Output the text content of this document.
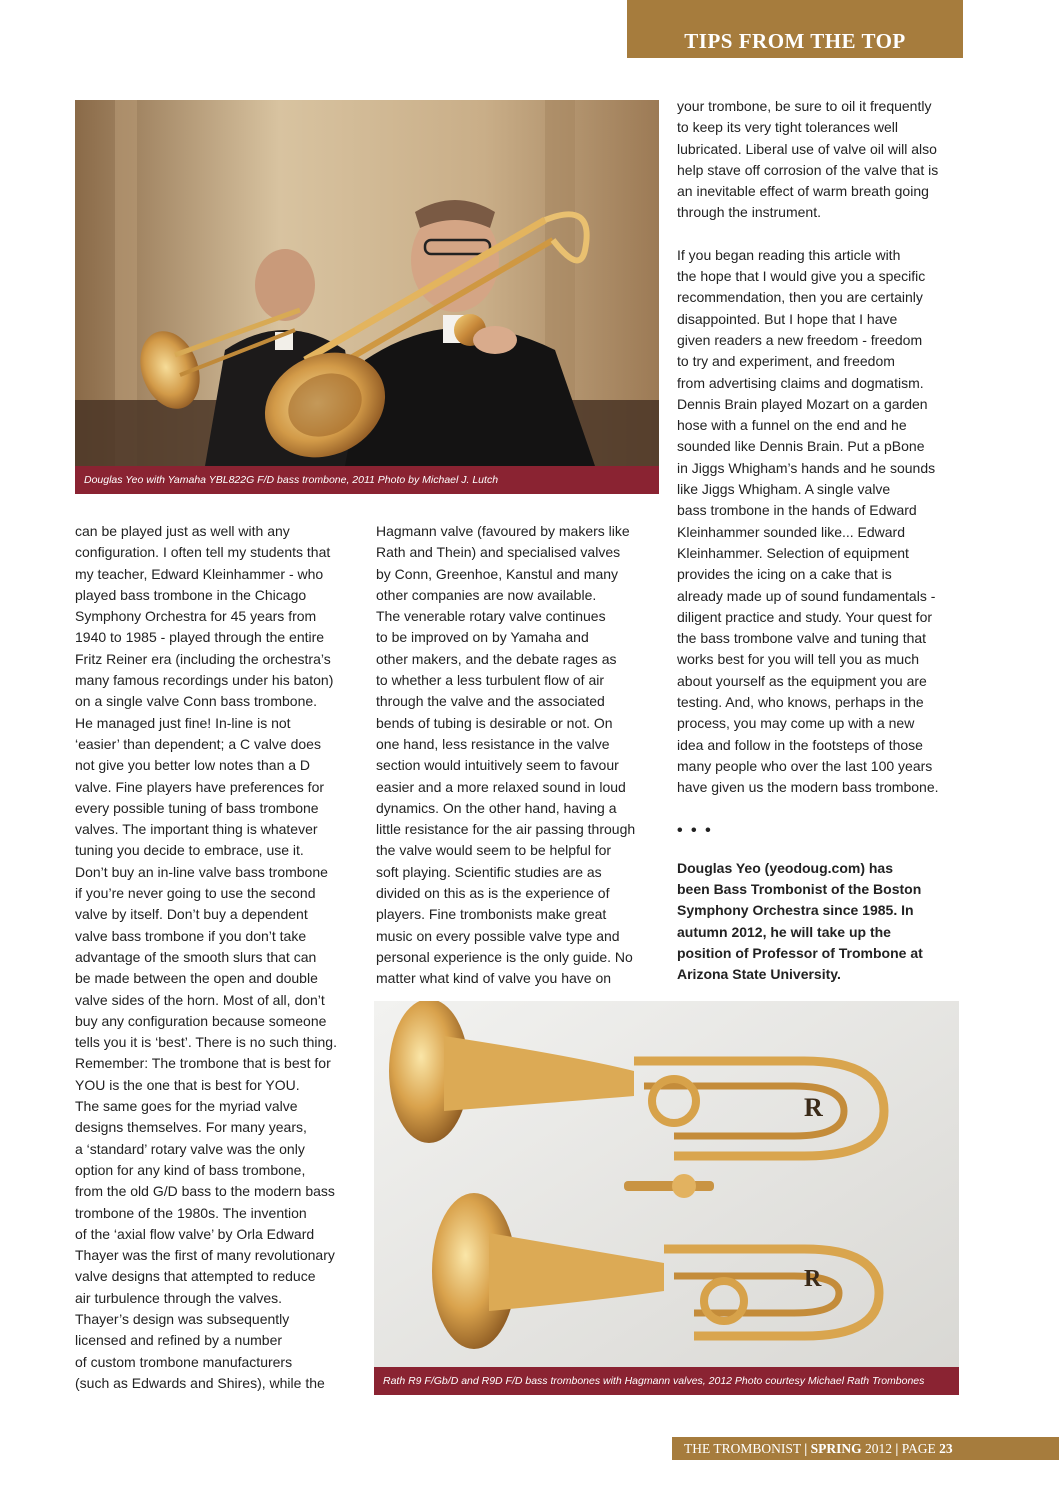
TIPS FROM THE TOP
Douglas Yeo with Yamaha YBL822G F/D bass trombone, 2011 Photo by Michael J. Lutch
can be played just as well with any
configuration. I often tell my students that
my teacher, Edward Kleinhammer - who
played bass trombone in the Chicago
Symphony Orchestra for 45 years from
1940 to 1985 - played through the entire
Fritz Reiner era (including the orchestra’s
many famous recordings under his baton)
on a single valve Conn bass trombone.
He managed just fine! In-line is not
‘easier’ than dependent; a C valve does
not give you better low notes than a D
valve. Fine players have preferences for
every possible tuning of bass trombone
valves. The important thing is whatever
tuning you decide to embrace, use it.
Don’t buy an in-line valve bass trombone
if you’re never going to use the second
valve by itself. Don’t buy a dependent
valve bass trombone if you don’t take
advantage of the smooth slurs that can
be made between the open and double
valve sides of the horn. Most of all, don’t
buy any configuration because someone
tells you it is ‘best’. There is no such thing.
Remember: The trombone that is best for
YOU is the one that is best for YOU.
The same goes for the myriad valve
designs themselves. For many years,
a ‘standard’ rotary valve was the only
option for any kind of bass trombone,
from the old G/D bass to the modern bass
trombone of the 1980s. The invention
of the ‘axial flow valve’ by Orla Edward
Thayer was the first of many revolutionary
valve designs that attempted to reduce
air turbulence through the valves.
Thayer’s design was subsequently
licensed and refined by a number
of custom trombone manufacturers
(such as Edwards and Shires), while the
Hagmann valve (favoured by makers like
Rath and Thein) and specialised valves
by Conn, Greenhoe, Kanstul and many
other companies are now available.
The venerable rotary valve continues
to be improved on by Yamaha and
other makers, and the debate rages as
to whether a less turbulent flow of air
through the valve and the associated
bends of tubing is desirable or not. On
one hand, less resistance in the valve
section would intuitively seem to favour
easier and a more relaxed sound in loud
dynamics. On the other hand, having a
little resistance for the air passing through
the valve would seem to be helpful for
soft playing. Scientific studies are as
divided on this as is the experience of
players. Fine trombonists make great
music on every possible valve type and
personal experience is the only guide. No
matter what kind of valve you have on
your trombone, be sure to oil it frequently
to keep its very tight tolerances well
lubricated. Liberal use of valve oil will also
help stave off corrosion of the valve that is
an inevitable effect of warm breath going
through the instrument.
If you began reading this article with
the hope that I would give you a specific
recommendation, then you are certainly
disappointed. But I hope that I have
given readers a new freedom - freedom
to try and experiment, and freedom
from advertising claims and dogmatism.
Dennis Brain played Mozart on a garden
hose with a funnel on the end and he
sounded like Dennis Brain. Put a pBone
in Jiggs Whigham’s hands and he sounds
like Jiggs Whigham. A single valve
bass trombone in the hands of Edward
Kleinhammer sounded like... Edward
Kleinhammer. Selection of equipment
provides the icing on a cake that is
already made up of sound fundamentals -
diligent practice and study. Your quest for
the bass trombone valve and tuning that
works best for you will tell you as much
about yourself as the equipment you are
testing. And, who knows, perhaps in the
process, you may come up with a new
idea and follow in the footsteps of those
many people who over the last 100 years
have given us the modern bass trombone.
• • •
Douglas Yeo (yeodoug.com) has
been Bass Trombonist of the Boston
Symphony Orchestra since 1985. In
autumn 2012, he will take up the
position of Professor of Trombone at
Arizona State University.
R
R
Rath R9 F/Gb/D and R9D F/D bass trombones with Hagmann valves, 2012 Photo courtesy Michael Rath Trombones
THE TROMBONIST | SPRING 2012 | PAGE 23
